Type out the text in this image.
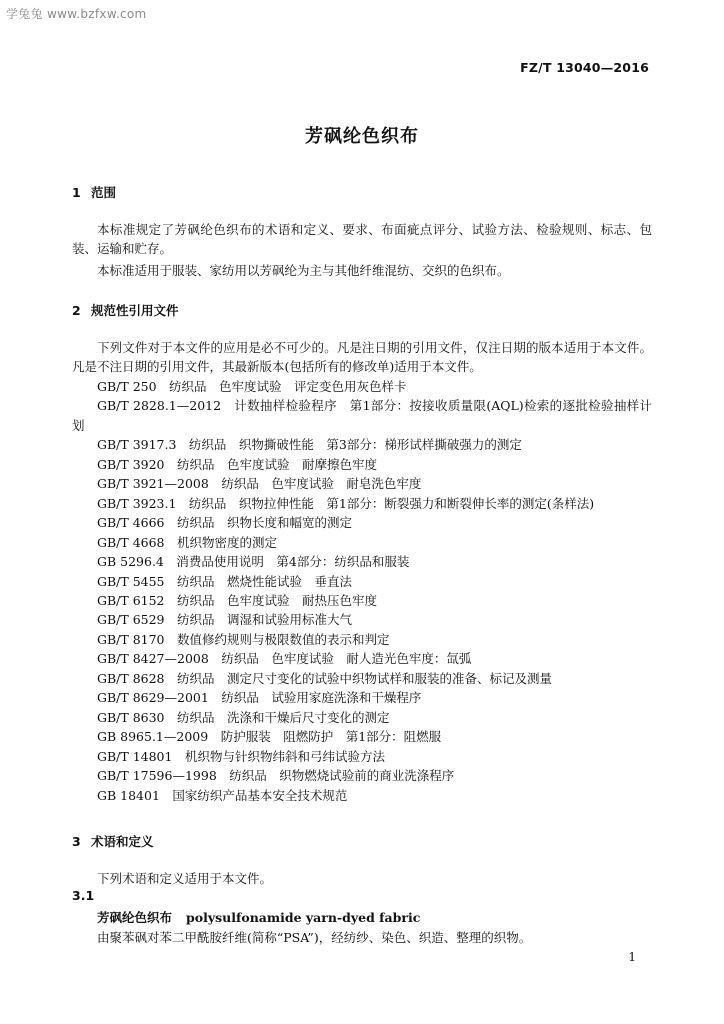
学兔兔 www.bzfxw.com
FZ/T 13040—2016
芳砜纶色织布
1 范围
本标准规定了芳砜纶色织布的术语和定义、要求、布面疵点评分、试验方法、检验规则、标志、包装、运输和贮存。
本标准适用于服装、家纺用以芳砜纶为主与其他纤维混纺、交织的色织布。
2 规范性引用文件
下列文件对于本文件的应用是必不可少的。凡是注日期的引用文件，仅注日期的版本适用于本文件。凡是不注日期的引用文件，其最新版本(包括所有的修改单)适用于本文件。
GB/T 250　纺织品　色牢度试验　评定变色用灰色样卡
GB/T 2828.1—2012　计数抽样检验程序　第1部分：按接收质量限(AQL)检索的逐批检验抽样计划
GB/T 3917.3　纺织品　织物撕破性能　第3部分：梯形试样撕破强力的测定
GB/T 3920　纺织品　色牢度试验　耐摩擦色牢度
GB/T 3921—2008　纺织品　色牢度试验　耐皂洗色牢度
GB/T 3923.1　纺织品　织物拉伸性能　第1部分：断裂强力和断裂伸长率的测定(条样法)
GB/T 4666　纺织品　织物长度和幅宽的测定
GB/T 4668　机织物密度的测定
GB 5296.4　消费品使用说明　第4部分：纺织品和服装
GB/T 5455　纺织品　燃烧性能试验　垂直法
GB/T 6152　纺织品　色牢度试验　耐热压色牢度
GB/T 6529　纺织品　调湿和试验用标准大气
GB/T 8170　数值修约规则与极限数值的表示和判定
GB/T 8427—2008　纺织品　色牢度试验　耐人造光色牢度：氙弧
GB/T 8628　纺织品　测定尺寸变化的试验中织物试样和服装的准备、标记及测量
GB/T 8629—2001　纺织品　试验用家庭洗涤和干燥程序
GB/T 8630　纺织品　洗涤和干燥后尺寸变化的测定
GB 8965.1—2009　防护服装　阻燃防护　第1部分：阻燃服
GB/T 14801　机织物与针织物纬斜和弓纬试验方法
GB/T 17596—1998　纺织品　织物燃烧试验前的商业洗涤程序
GB 18401　国家纺织产品基本安全技术规范
3 术语和定义
下列术语和定义适用于本文件。
3.1
芳砜纶色织布 polysulfonamide yarn-dyed fabric
由聚苯砜对苯二甲酰胺纤维(简称“PSA”)，经纺纱、染色、织造、整理的织物。
1
